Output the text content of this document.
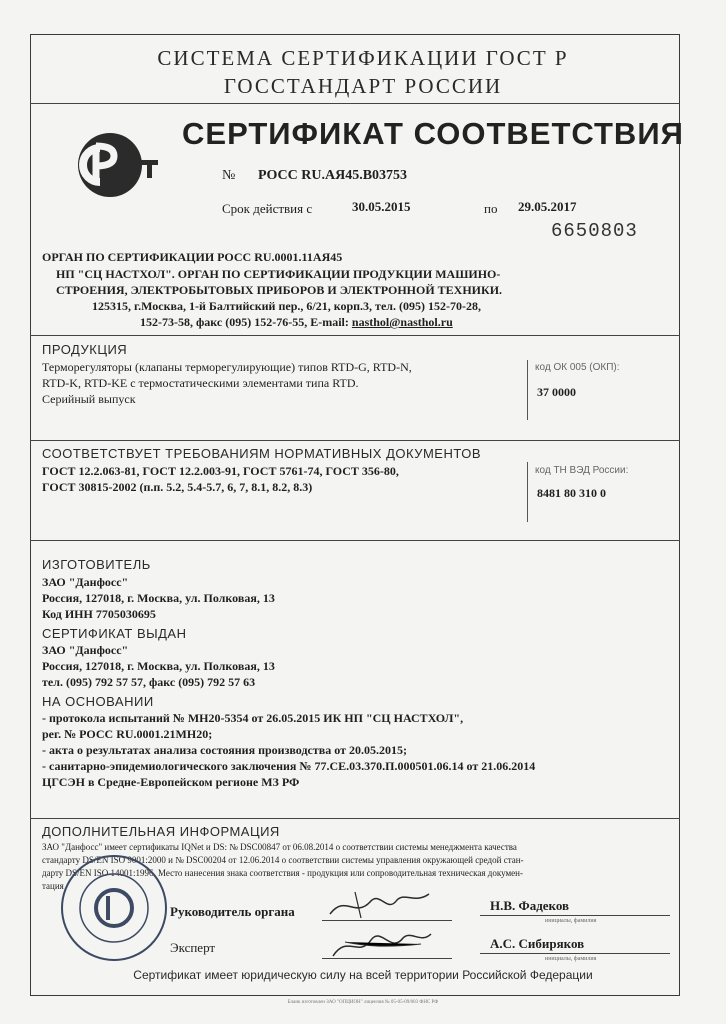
СИСТЕМА СЕРТИФИКАЦИИ ГОСТ Р
ГОССТАНДАРТ РОССИИ
СЕРТИФИКАТ СООТВЕТСТВИЯ
№ РОСС RU.АЯ45.В03753
Срок действия с	30.05.2015	по 29.05.2017
6650803
ОРГАН ПО СЕРТИФИКАЦИИ РОСС RU.0001.11АЯ45
НП "СЦ НАСТХОЛ". ОРГАН ПО СЕРТИФИКАЦИИ ПРОДУКЦИИ МАШИНО-
СТРОЕНИЯ, ЭЛЕКТРОБЫТОВЫХ ПРИБОРОВ И ЭЛЕКТРОННОЙ ТЕХНИКИ.
125315, г.Москва, 1-й Балтийский пер., 6/21, корп.3, тел. (095) 152-70-28,
152-73-58, факс (095) 152-76-55, E-mail: nasthol@nasthol.ru
ПРОДУКЦИЯ
Терморегуляторы (клапаны терморегулирующие) типов RTD-G, RTD-N,
RTD-K, RTD-KE с термостатическими элементами типа RTD.
Серийный выпуск
код ОК 005 (ОКП):
37 0000
СООТВЕТСТВУЕТ ТРЕБОВАНИЯМ НОРМАТИВНЫХ ДОКУМЕНТОВ
ГОСТ 12.2.063-81, ГОСТ 12.2.003-91, ГОСТ 5761-74, ГОСТ 356-80,
ГОСТ 30815-2002 (п.п. 5.2, 5.4-5.7, 6, 7, 8.1, 8.2, 8.3)
код ТН ВЭД России:
8481 80 310 0
ИЗГОТОВИТЕЛЬ
ЗАО "Данфосс"
Россия, 127018, г. Москва, ул. Полковая, 13
Код ИНН 7705030695
СЕРТИФИКАТ ВЫДАН
ЗАО "Данфосс"
Россия, 127018, г. Москва, ул. Полковая, 13
тел. (095) 792 57 57, факс (095) 792 57 63
НА ОСНОВАНИИ
- протокола испытаний № МН20-5354 от 26.05.2015 ИК НП "СЦ НАСТХОЛ",
рег. № РОСС RU.0001.21МН20;
- акта о результатах анализа состояния производства от 20.05.2015;
- санитарно-эпидемиологического заключения № 77.СЕ.03.370.П.000501.06.14 от 21.06.2014
ЦГСЭН в Средне-Европейском регионе МЗ РФ
ДОПОЛНИТЕЛЬНАЯ ИНФОРМАЦИЯ
ЗАО "Данфосс" имеет сертификаты IQNet и DS: № DSC00847 от 06.08.2014 о соответствии системы менеджмента качества
стандарту DS/EN ISO 9001:2000 и № DSC00204 от 12.06.2014 о соответствии системы управления окружающей средой стан-
дарту DS/EN ISO 14001:1996. Место нанесения знака соответствия - продукция или сопроводительная техническая докумен-
тация
Руководитель органа	Н.В. Фадеков
инициалы, фамилия
Эксперт	А.С. Сибиряков
инициалы, фамилия
Сертификат имеет юридическую силу на всей территории Российской Федерации
Бланк изготовлен ЗАО "ОПЦИОН" лицензия № 05-05-09/003 ФНС РФ
